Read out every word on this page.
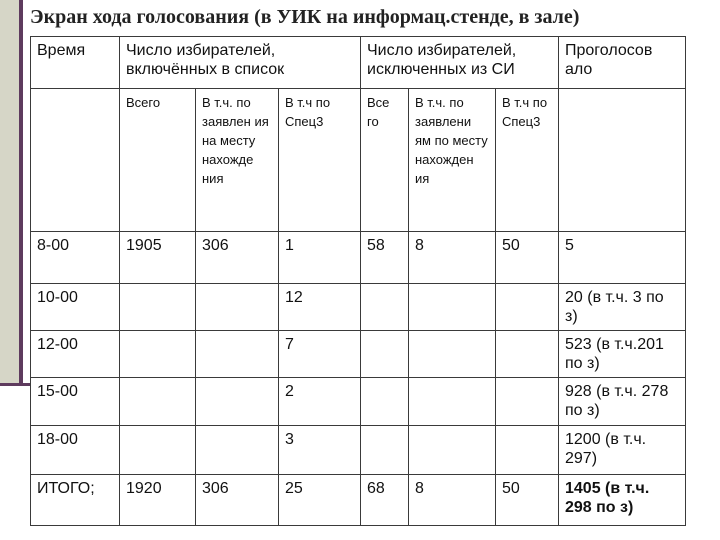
Экран хода голосования (в УИК на информац.стенде, в зале)
Время	Число избирателей, включённых в список			Число избирателей, исключенных из СИ			Проголосов ало
	Всего	В т.ч. по заявлен ия на месту нахожде ния	В т.ч по Спец3	Все го	В т.ч. по заявлени ям по месту нахожден ия	В т.ч по Спец3	
8-00	1905	306	1	58	8	50	5
10-00			12				20 (в т.ч. 3 по з)
12-00			7				523 (в т.ч.201 по з)
15-00			2				928 (в т.ч. 278 по з)
18-00			3				1200 (в т.ч. 297)
ИТОГО;	1920	306	25	68	8	50	1405 (в т.ч. 298 по з)
